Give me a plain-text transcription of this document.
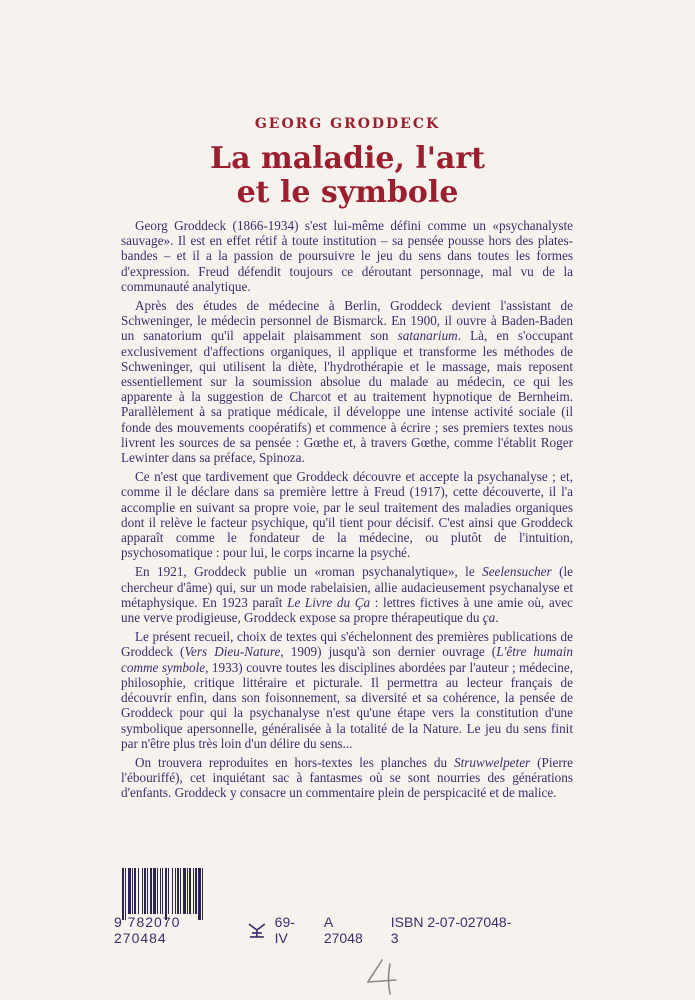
GEORG GRODDECK
La maladie, l'art
et le symbole

Georg Groddeck (1866-1934) s'est lui-même défini comme un «psychanalyste sauvage». Il est en effet rétif à toute institution – sa pensée pousse hors des plates-bandes – et il a la passion de poursuivre le jeu du sens dans toutes les formes d'expression. Freud défendit toujours ce déroutant personnage, mal vu de la communauté analytique.

Après des études de médecine à Berlin, Groddeck devient l'assistant de Schweninger, le médecin personnel de Bismarck. En 1900, il ouvre à Baden-Baden un sanatorium qu'il appelait plaisamment son satanarium. Là, en s'occupant exclusivement d'affections organiques, il applique et transforme les méthodes de Schweninger, qui utilisent la diète, l'hydrothérapie et le massage, mais reposent essentiellement sur la soumission absolue du malade au médecin, ce qui les apparente à la suggestion de Charcot et au traitement hypnotique de Bernheim. Parallèlement à sa pratique médicale, il développe une intense activité sociale (il fonde des mouvements coopératifs) et commence à écrire ; ses premiers textes nous livrent les sources de sa pensée : Gœthe et, à travers Gœthe, comme l'établit Roger Lewinter dans sa préface, Spinoza.

Ce n'est que tardivement que Groddeck découvre et accepte la psychanalyse ; et, comme il le déclare dans sa première lettre à Freud (1917), cette découverte, il l'a accomplie en suivant sa propre voie, par le seul traitement des maladies organiques dont il relève le facteur psychique, qu'il tient pour décisif. C'est ainsi que Groddeck apparaît comme le fondateur de la médecine, ou plutôt de l'intuition, psychosomatique : pour lui, le corps incarne la psyché.

En 1921, Groddeck publie un «roman psychanalytique», le Seelensucher (le chercheur d'âme) qui, sur un mode rabelaisien, allie audacieusement psychanalyse et métaphysique. En 1923 paraît Le Livre du Ça : lettres fictives à une amie où, avec une verve prodigieuse, Groddeck expose sa propre thérapeutique du ça.

Le présent recueil, choix de textes qui s'échelonnent des premières publications de Groddeck (Vers Dieu-Nature, 1909) jusqu'à son dernier ouvrage (L'être humain comme symbole, 1933) couvre toutes les disciplines abordées par l'auteur ; médecine, philosophie, critique littéraire et picturale. Il permettra au lecteur français de découvrir enfin, dans son foisonnement, sa diversité et sa cohérence, la pensée de Groddeck pour qui la psychanalyse n'est qu'une étape vers la constitution d'une symbolique apersonnelle, généralisée à la totalité de la Nature. Le jeu du sens finit par n'être plus très loin d'un délire du sens...

On trouvera reproduites en hors-textes les planches du Struwwelpeter (Pierre l'ébouriffé), cet inquiétant sac à fantasmes où se sont nourries des générations d'enfants. Groddeck y consacre un commentaire plein de perspicacité et de malice.

9 782070 270484
69-IV
A 27048
ISBN 2-07-027048-3
4
